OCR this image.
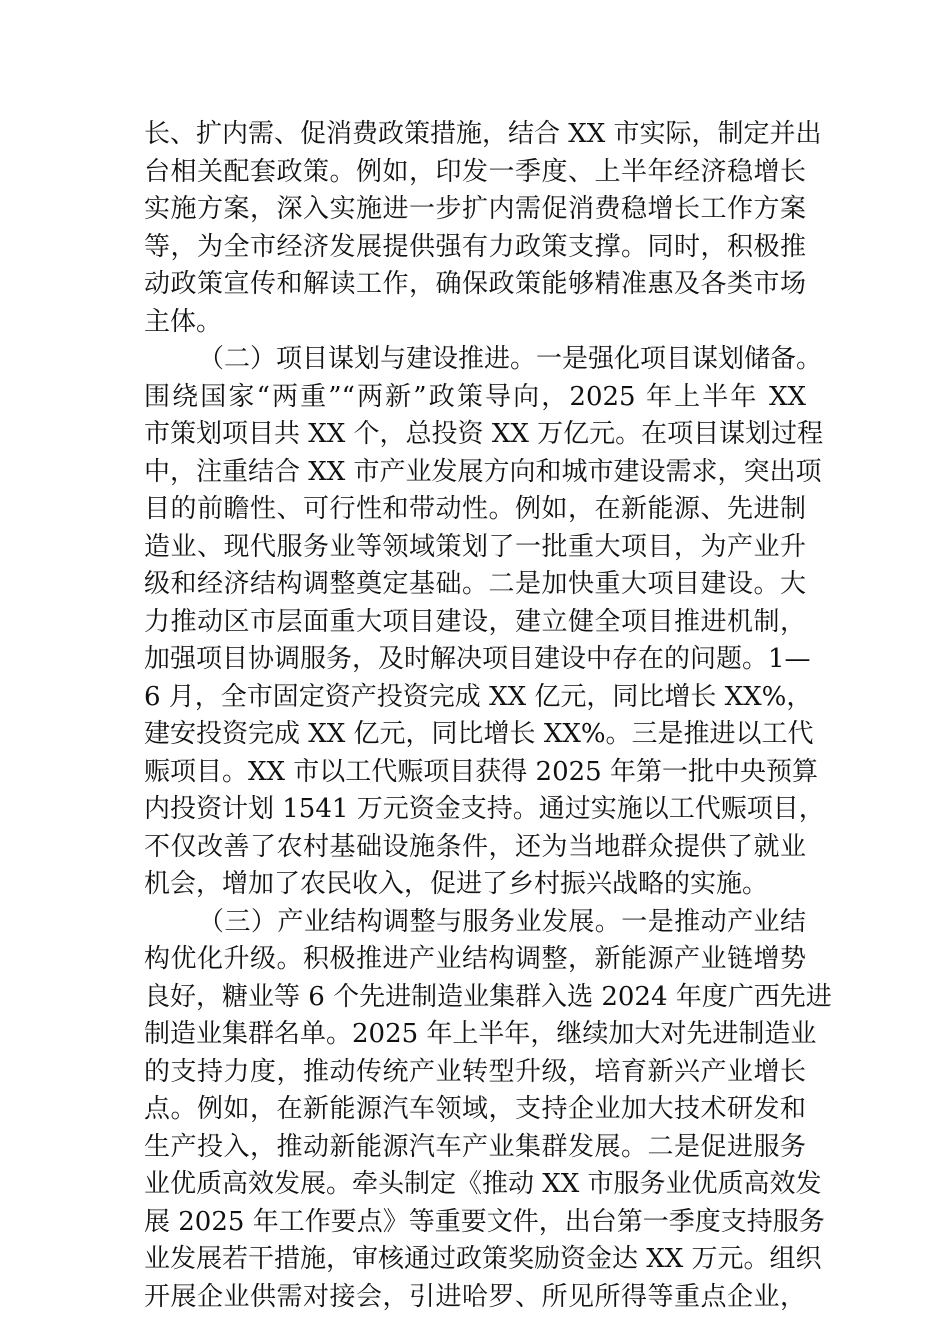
长、扩内需、促消费政策措施，结合 XX 市实际，制定并出
台相关配套政策。例如，印发一季度、上半年经济稳增长
实施方案，深入实施进一步扩内需促消费稳增长工作方案
等，为全市经济发展提供强有力政策支撑。同时，积极推
动政策宣传和解读工作，确保政策能够精准惠及各类市场
主体。
（二）项目谋划与建设推进。一是强化项目谋划储备。
围绕国家“两重”“两新”政策导向，2025 年上半年 XX
市策划项目共 XX 个，总投资 XX 万亿元。在项目谋划过程
中，注重结合 XX 市产业发展方向和城市建设需求，突出项
目的前瞻性、可行性和带动性。例如，在新能源、先进制
造业、现代服务业等领域策划了一批重大项目，为产业升
级和经济结构调整奠定基础。二是加快重大项目建设。大
力推动区市层面重大项目建设，建立健全项目推进机制，
加强项目协调服务，及时解决项目建设中存在的问题。1—
6 月，全市固定资产投资完成 XX 亿元，同比增长 XX%，
建安投资完成 XX 亿元，同比增长 XX%。三是推进以工代
赈项目。XX 市以工代赈项目获得 2025 年第一批中央预算
内投资计划 1541 万元资金支持。通过实施以工代赈项目，
不仅改善了农村基础设施条件，还为当地群众提供了就业
机会，增加了农民收入，促进了乡村振兴战略的实施。
（三）产业结构调整与服务业发展。一是推动产业结
构优化升级。积极推进产业结构调整，新能源产业链增势
良好，糖业等 6 个先进制造业集群入选 2024 年度广西先进
制造业集群名单。2025 年上半年，继续加大对先进制造业
的支持力度，推动传统产业转型升级，培育新兴产业增长
点。例如，在新能源汽车领域，支持企业加大技术研发和
生产投入，推动新能源汽车产业集群发展。二是促进服务
业优质高效发展。牵头制定《推动 XX 市服务业优质高效发
展 2025 年工作要点》等重要文件，出台第一季度支持服务
业发展若干措施，审核通过政策奖励资金达 XX 万元。组织
开展企业供需对接会，引进哈罗、所见所得等重点企业，
